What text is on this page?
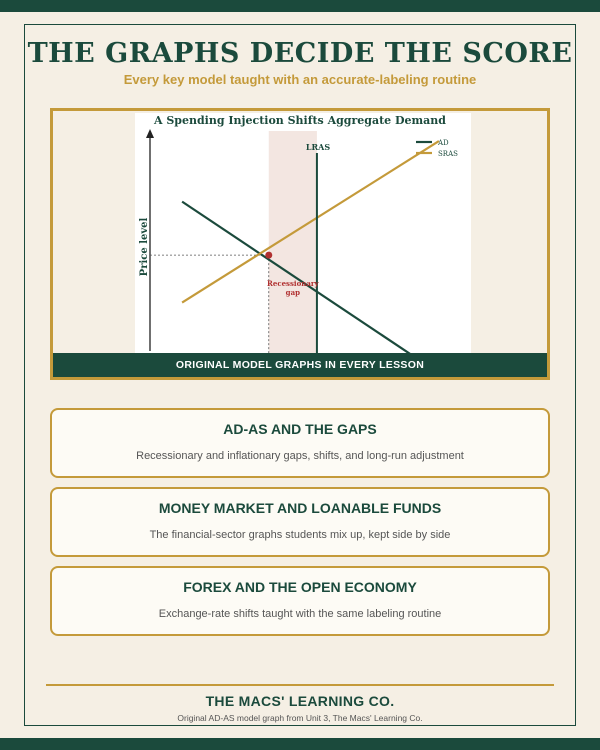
THE GRAPHS DECIDE THE SCORE
Every key model taught with an accurate-labeling routine
A Spending Injection Shifts Aggregate Demand
Price level
LRAS
Recessionary
gap
AD
SRAS
ORIGINAL MODEL GRAPHS IN EVERY LESSON
AD-AS AND THE GAPS
Recessionary and inflationary gaps, shifts, and long-run adjustment
MONEY MARKET AND LOANABLE FUNDS
The financial-sector graphs students mix up, kept side by side
FOREX AND THE OPEN ECONOMY
Exchange-rate shifts taught with the same labeling routine
THE MACS' LEARNING CO.
Original AD-AS model graph from Unit 3, The Macs' Learning Co.
